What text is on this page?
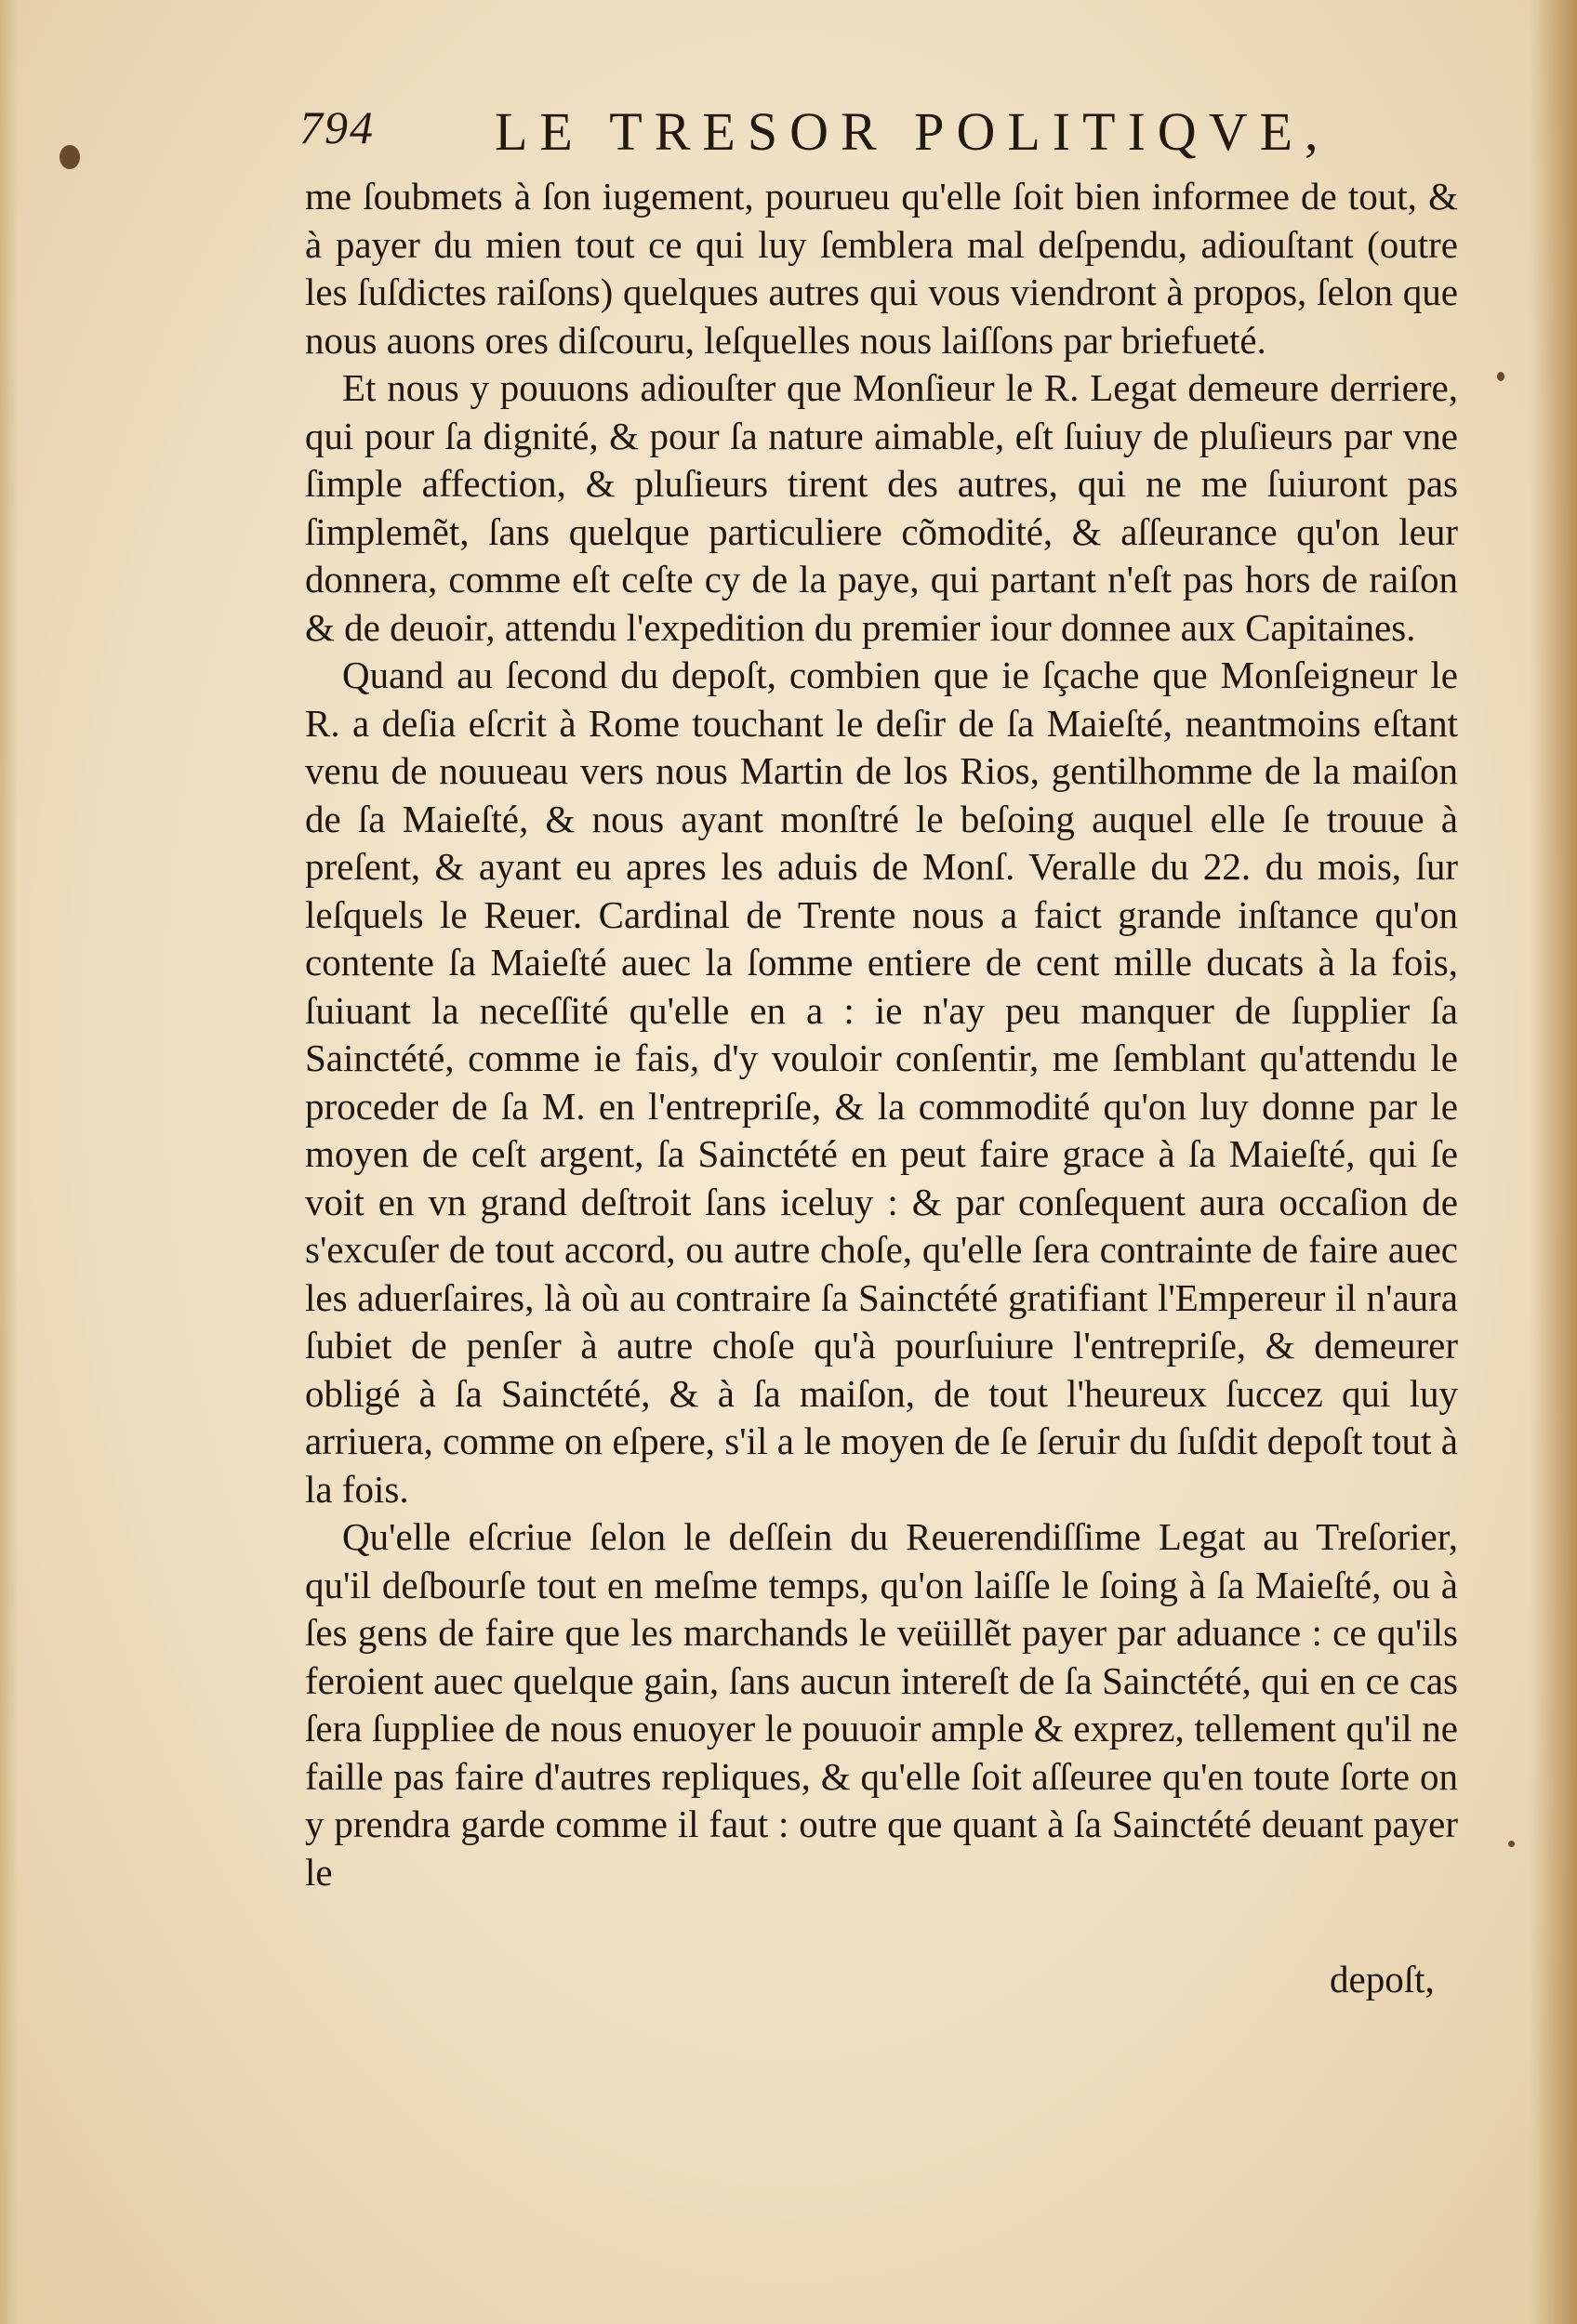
794 LE TRESOR POLITIQVE,

me ſoubmets à ſon iugement, pourueu qu'elle ſoit bien informee de tout, & à payer du mien tout ce qui luy ſemblera mal deſpendu, adiouſtant (outre les ſuſdictes raiſons) quelques autres qui vous viendront à propos, ſelon que nous auons ores diſcouru, leſquelles nous laiſſons par briefueté.

Et nous y pouuons adiouſter que Monſieur le R. Legat demeure derriere, qui pour ſa dignité, & pour ſa nature aimable, eſt ſuiuy de pluſieurs par vne ſimple affection, & pluſieurs tirent des autres, qui ne me ſuiuront pas ſimplemẽt, ſans quelque particuliere cõmodité, & aſſeurance qu'on leur donnera, comme eſt ceſte cy de la paye, qui partant n'eſt pas hors de raiſon & de deuoir, attendu l'expedition du premier iour donnee aux Capitaines.

Quand au ſecond du depoſt, combien que ie ſçache que Monſeigneur le R. a deſia eſcrit à Rome touchant le deſir de ſa Maieſté, neantmoins eſtant venu de nouueau vers nous Martin de los Rios, gentilhomme de la maiſon de ſa Maieſté, & nous ayant monſtré le beſoing auquel elle ſe trouue à preſent, & ayant eu apres les aduis de Monſ. Veralle du 22. du mois, ſur leſquels le Reuer. Cardinal de Trente nous a faict grande inſtance qu'on contente ſa Maieſté auec la ſomme entiere de cent mille ducats à la fois, ſuiuant la neceſſité qu'elle en a : ie n'ay peu manquer de ſupplier ſa Sainctété, comme ie fais, d'y vouloir conſentir, me ſemblant qu'attendu le proceder de ſa M. en l'entrepriſe, & la commodité qu'on luy donne par le moyen de ceſt argent, ſa Sainctété en peut faire grace à ſa Maieſté, qui ſe voit en vn grand deſtroit ſans iceluy : & par conſequent aura occaſion de s'excuſer de tout accord, ou autre choſe, qu'elle ſera contrainte de faire auec les aduerſaires, là où au contraire ſa Sainctété gratifiant l'Empereur il n'aura ſubiet de penſer à autre choſe qu'à pourſuiure l'entrepriſe, & demeurer obligé à ſa Sainctété, & à ſa maiſon, de tout l'heureux ſuccez qui luy arriuera, comme on eſpere, s'il a le moyen de ſe ſeruir du ſuſdit depoſt tout à la fois.

Qu'elle eſcriue ſelon le deſſein du Reuerendiſſime Legat au Treſorier, qu'il deſbourſe tout en meſme temps, qu'on laiſſe le ſoing à ſa Maieſté, ou à ſes gens de faire que les marchands le veüillẽt payer par aduance : ce qu'ils feroient auec quelque gain, ſans aucun intereſt de ſa Sainctété, qui en ce cas ſera ſuppliee de nous enuoyer le pouuoir ample & exprez, tellement qu'il ne faille pas faire d'autres repliques, & qu'elle ſoit aſſeuree qu'en toute ſorte on y prendra garde comme il faut : outre que quant à ſa Sainctété deuant payer le

depoſt,
